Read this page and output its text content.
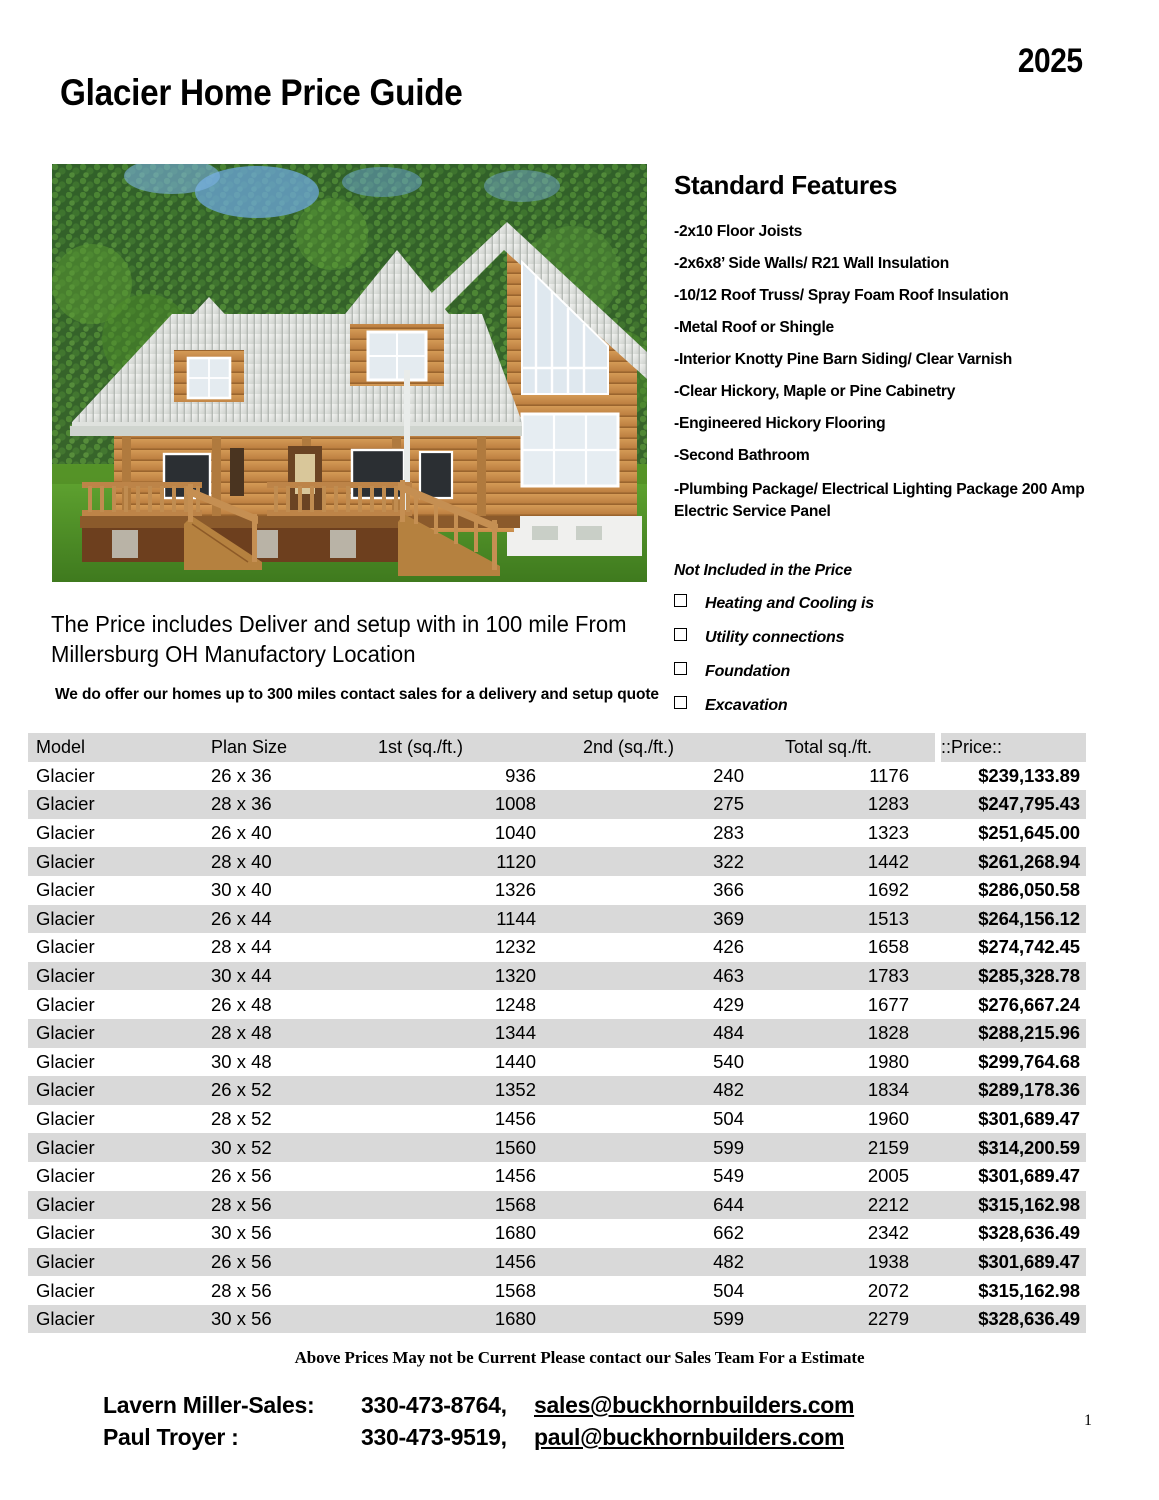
2025
Glacier Home Price Guide
The Price includes Deliver and setup with in 100 mile From Millersburg OH Manufactory Location
We do offer our homes up to 300 miles contact sales for a delivery and setup quote
Standard Features
-2x10 Floor Joists
-2x6x8’ Side Walls/ R21 Wall Insulation
-10/12 Roof Truss/ Spray Foam Roof Insulation
-Metal Roof or Shingle
-Interior Knotty Pine Barn Siding/ Clear Varnish
-Clear Hickory, Maple or Pine Cabinetry
-Engineered Hickory Flooring
-Second Bathroom
-Plumbing Package/ Electrical Lighting Package 200 Amp Electric Service Panel
Not Included in the Price
Heating and Cooling is
Utility connections
Foundation
Excavation
Model	Plan Size	1st (sq./ft.)	2nd (sq./ft.)	Total sq./ft.		::Price::
Glacier	26 x 36	936	240	1176		$239,133.89
Glacier	28 x 36	1008	275	1283		$247,795.43
Glacier	26 x 40	1040	283	1323		$251,645.00
Glacier	28 x 40	1120	322	1442		$261,268.94
Glacier	30 x 40	1326	366	1692		$286,050.58
Glacier	26 x 44	1144	369	1513		$264,156.12
Glacier	28 x 44	1232	426	1658		$274,742.45
Glacier	30 x 44	1320	463	1783		$285,328.78
Glacier	26 x 48	1248	429	1677		$276,667.24
Glacier	28 x 48	1344	484	1828		$288,215.96
Glacier	30 x 48	1440	540	1980		$299,764.68
Glacier	26 x 52	1352	482	1834		$289,178.36
Glacier	28 x 52	1456	504	1960		$301,689.47
Glacier	30 x 52	1560	599	2159		$314,200.59
Glacier	26 x 56	1456	549	2005		$301,689.47
Glacier	28 x 56	1568	644	2212		$315,162.98
Glacier	30 x 56	1680	662	2342		$328,636.49
Glacier	26 x 56	1456	482	1938		$301,689.47
Glacier	28 x 56	1568	504	2072		$315,162.98
Glacier	30 x 56	1680	599	2279		$328,636.49
Above Prices May not be Current Please contact our Sales Team For a Estimate
Lavern Miller-Sales:	330-473-8764,	sales@buckhornbuilders.com
Paul Troyer :	330-473-9519,	paul@buckhornbuilders.com
1
